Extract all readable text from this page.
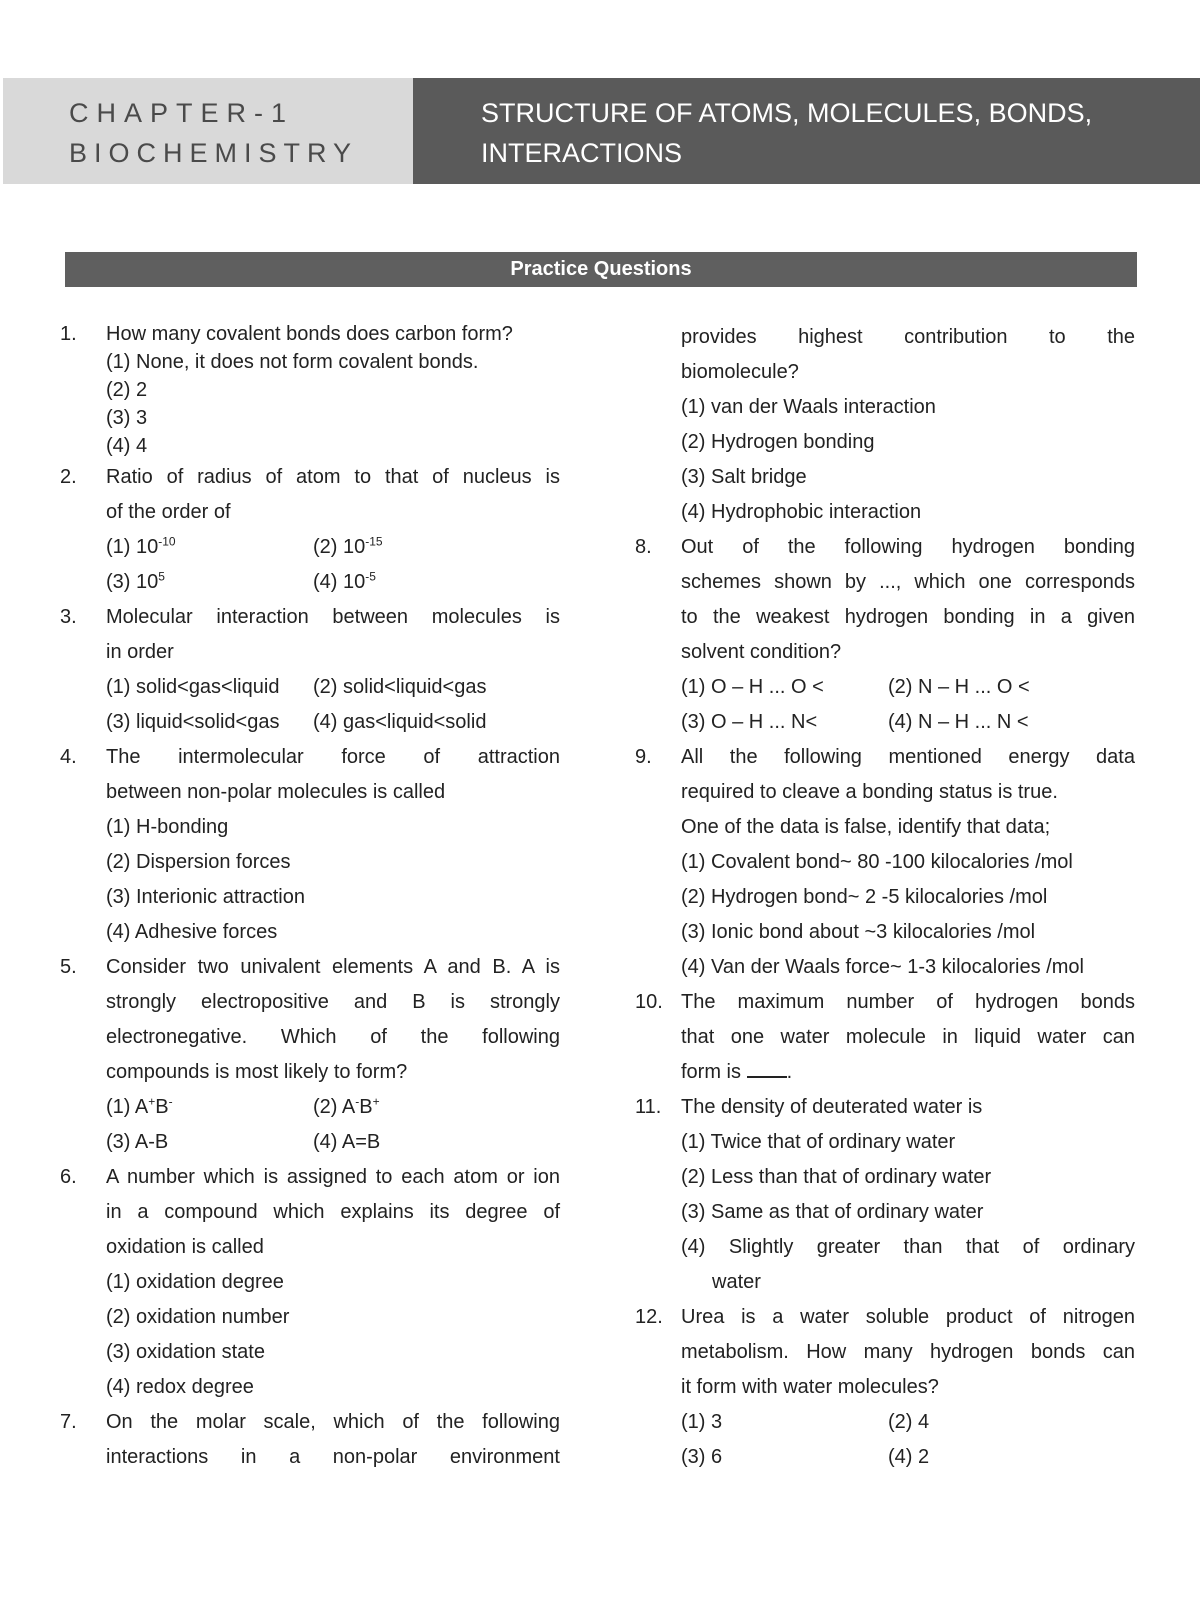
CHAPTER-1
BIOCHEMISTRY
STRUCTURE OF ATOMS, MOLECULES, BONDS,
INTERACTIONS
Practice Questions
1.	How many covalent bonds does carbon form?
(1) None, it does not form covalent bonds.
(2) 2
(3) 3
(4) 4
2.	Ratio of radius of atom to that of nucleus is
of the order of
(1) $10^{-10}$	(2) $10^{-15}$
(3) $10^5$	(4) $10^{-5}$
3.	Molecular interaction between molecules is
in order
(1) solid<gas<liquid	(2) solid<liquid<gas
(3) liquid<solid<gas	(4) gas<liquid<solid
4.	The intermolecular force of attraction
between non-polar molecules is called
(1) H-bonding
(2) Dispersion forces
(3) Interionic attraction
(4) Adhesive forces
5.	Consider two univalent elements A and B. A is
strongly electropositive and B is strongly
electronegative. Which of the following
compounds is most likely to form?
(1) A+B-	(2) A-B+
(3) A-B	(4) A=B
6.	A number which is assigned to each atom or ion
in a compound which explains its degree of
oxidation is called
(1) oxidation degree
(2) oxidation number
(3) oxidation state
(4) redox degree
7.	On the molar scale, which of the following
interactions in a non-polar environment
provides highest contribution to the
biomolecule?
(1) van der Waals interaction
(2) Hydrogen bonding
(3) Salt bridge
(4) Hydrophobic interaction
8.	Out of the following hydrogen bonding
schemes shown by ..., which one corresponds
to the weakest hydrogen bonding in a given
solvent condition?
(1) O – H ... O <	(2) N – H ... O <
(3) O – H ... N<	(4) N – H ... N <
9.	All the following mentioned energy data
required to cleave a bonding status is true.
One of the data is false, identify that data;
(1) Covalent bond~ 80 -100 kilocalories /mol
(2) Hydrogen bond~ 2 -5 kilocalories /mol
(3) Ionic bond about ~3 kilocalories /mol
(4) Van der Waals force~ 1-3 kilocalories /mol
10. The maximum number of hydrogen bonds
that one water molecule in liquid water can
form is .
11. The density of deuterated water is
(1) Twice that of ordinary water
(2) Less than that of ordinary water
(3) Same as that of ordinary water
(4) Slightly greater than that of ordinary
water
12. Urea is a water soluble product of nitrogen
metabolism. How many hydrogen bonds can
it form with water molecules?
(1) 3	(2) 4
(3) 6	(4) 2
